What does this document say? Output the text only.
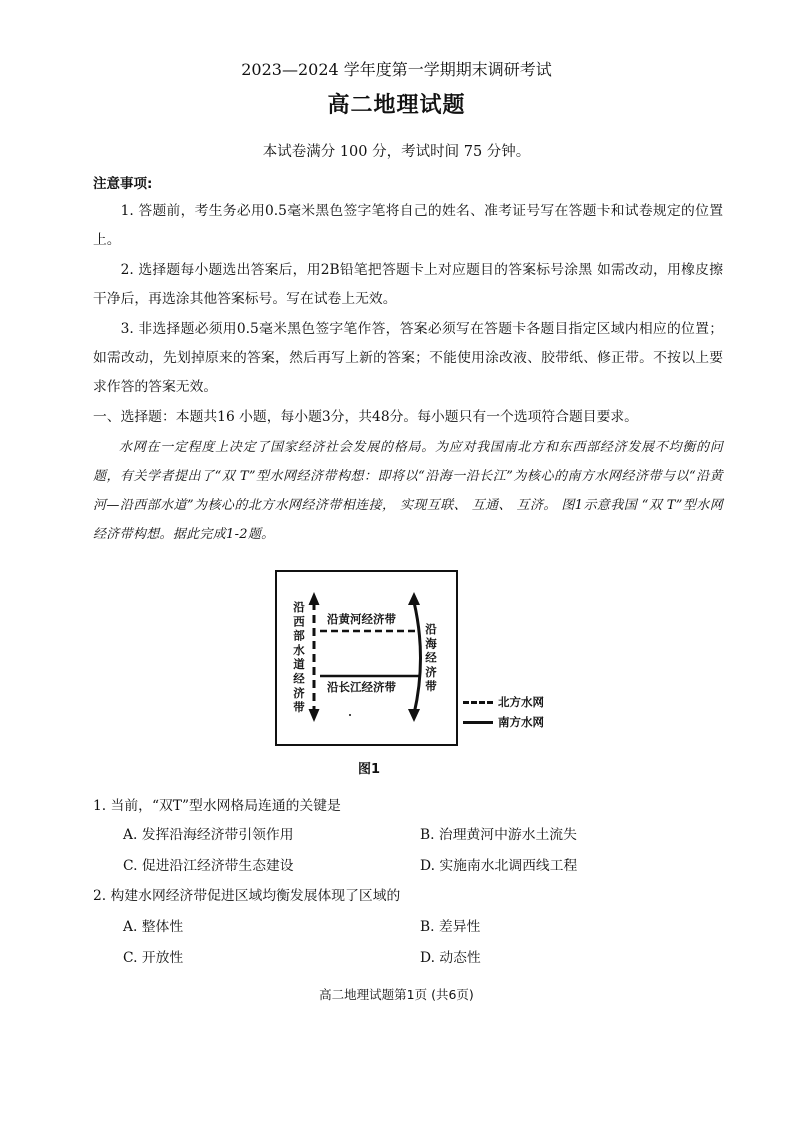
2023—2024 学年度第一学期期末调研考试
高二地理试题
本试卷满分 100 分，考试时间 75 分钟。
注意事项:
1. 答题前，考生务必用0.5毫米黑色签字笔将自己的姓名、准考证号写在答题卡和试卷规定的位置上。
2. 选择题每小题选出答案后，用2B铅笔把答题卡上对应题目的答案标号涂黑 如需改动，用橡皮擦干净后，再选涂其他答案标号。写在试卷上无效。
3. 非选择题必须用0.5毫米黑色签字笔作答，答案必须写在答题卡各题目指定区域内相应的位置；如需改动，先划掉原来的答案，然后再写上新的答案；不能使用涂改液、胶带纸、修正带。不按以上要求作答的答案无效。
一、选择题：本题共16 小题，每小题3分，共48分。每小题只有一个选项符合题目要求。
水网在一定程度上决定了国家经济社会发展的格局。为应对我国南北方和东西部经济发展不均衡的问题，有关学者提出了“双 T”型水网经济带构想：即将以“沿海一沿长江”为核心的南方水网经济带与以“沿黄河—沿西部水道”为核心的北方水网经济带相连接， 实现互联、 互通、 互济。 图1示意我国 “双 T”型水网经济带构想。据此完成1-2题。
沿黄河经济带
沿长江经济带
沿
西
部
水
道
经
济
带
沿
海
经
济
带
北方水网
南方水网
图1
1. 当前，“双T”型水网格局连通的关键是
A. 发挥沿海经济带引领作用	B. 治理黄河中游水土流失
C. 促进沿江经济带生态建设	D. 实施南水北调西线工程
2. 构建水网经济带促进区域均衡发展体现了区域的
A. 整体性	B. 差异性
C. 开放性	D. 动态性
高二地理试题第1页 (共6页)
